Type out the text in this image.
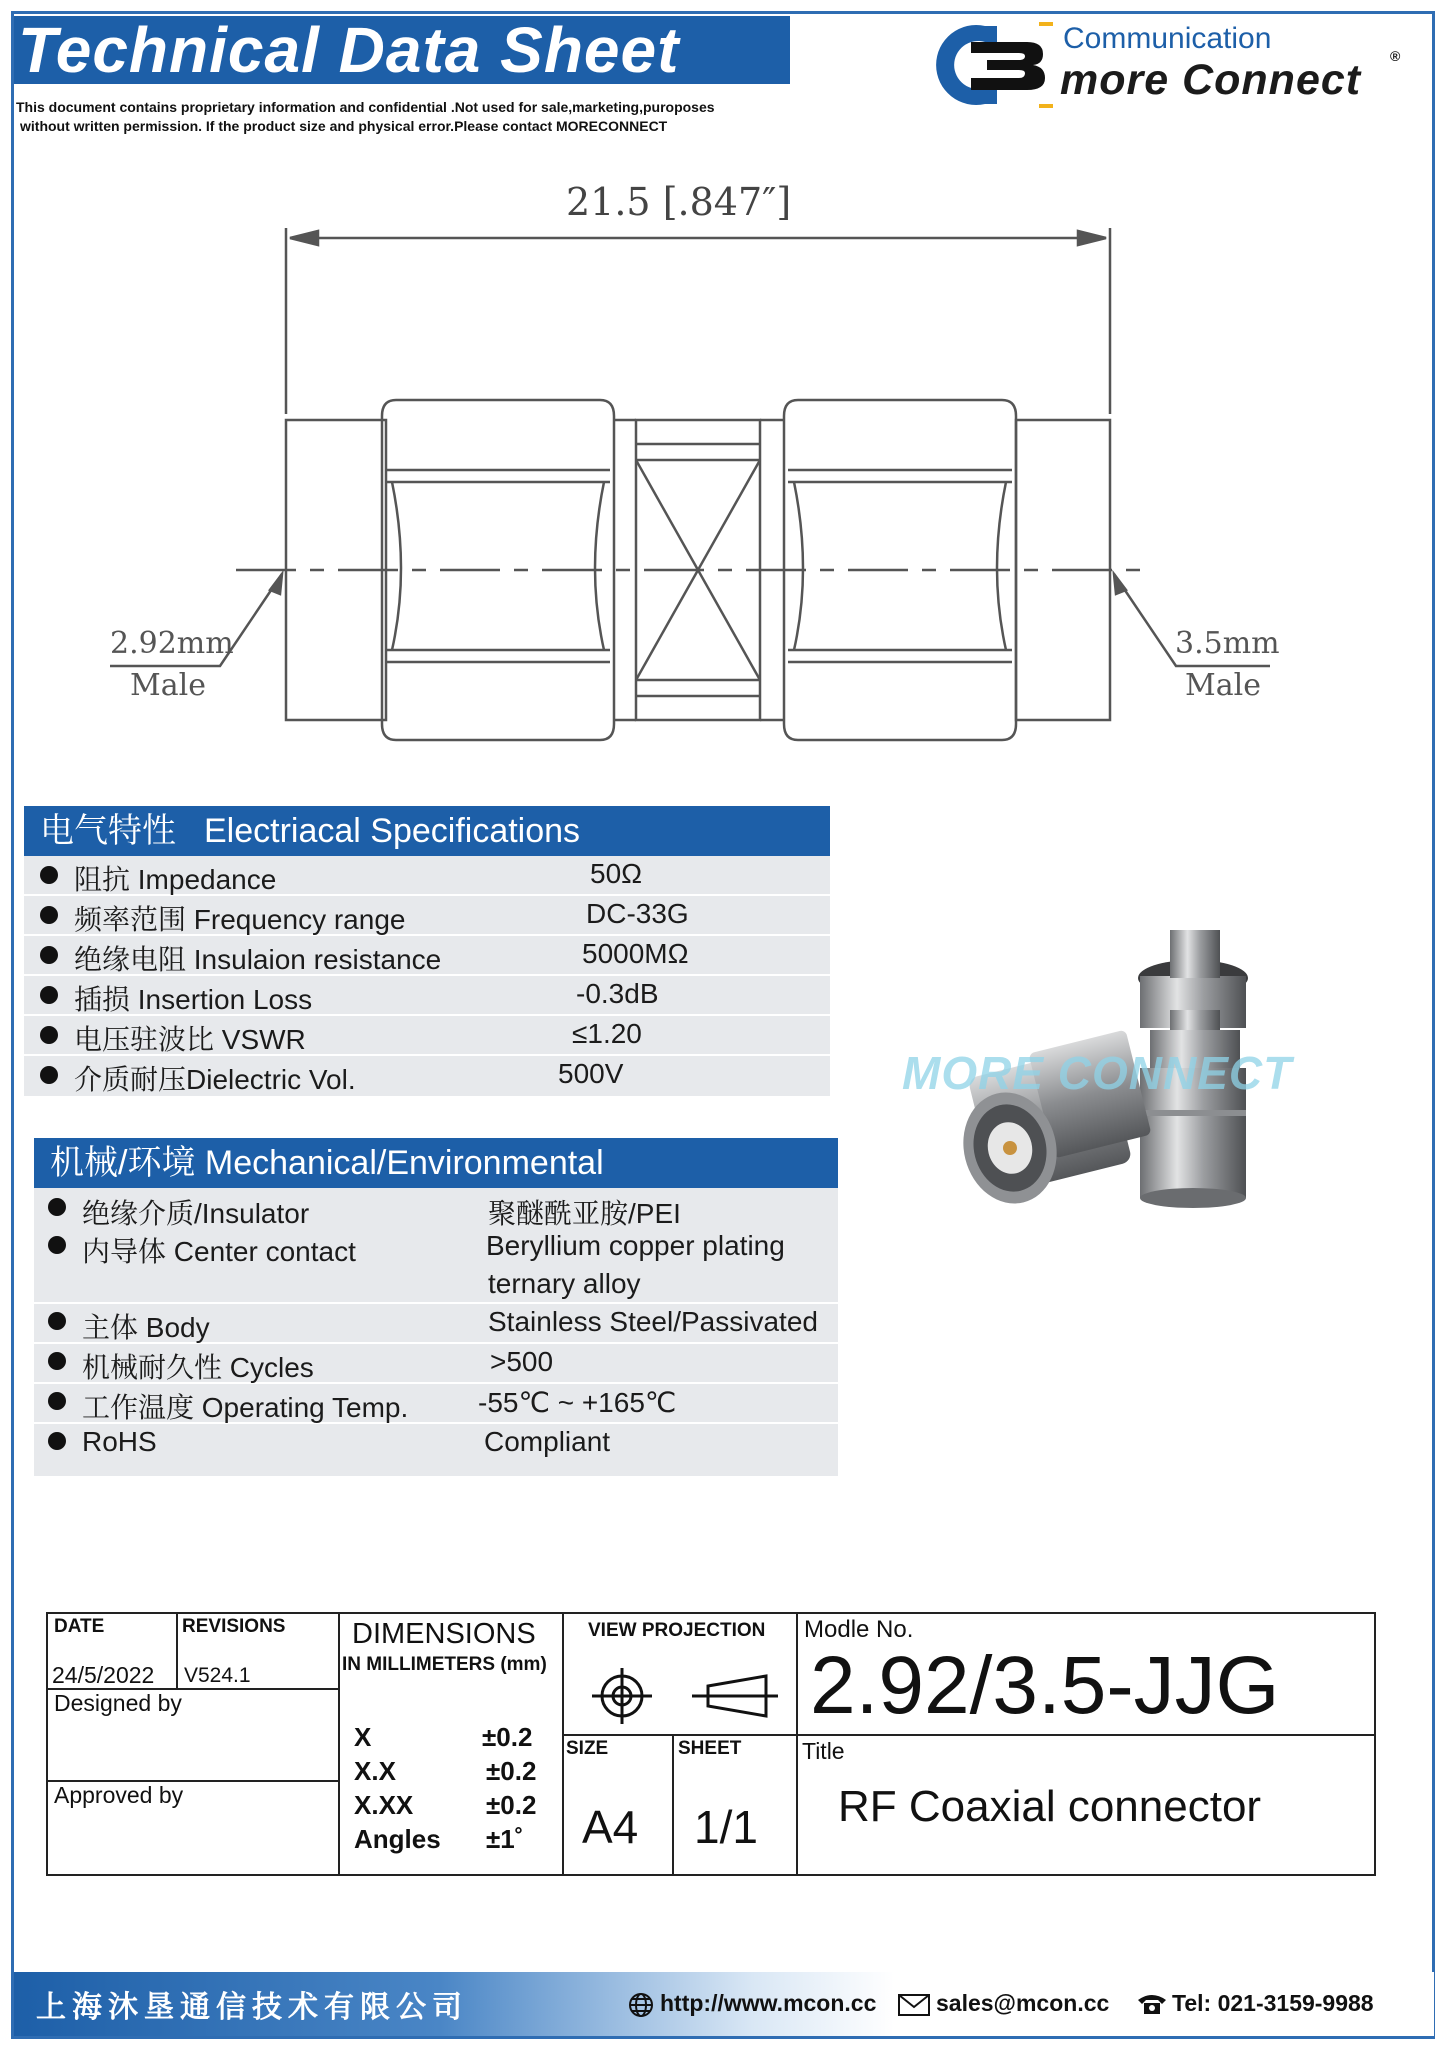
Technical Data Sheet
This document contains proprietary information and confidential .Not used for sale,marketing,puroposes
without written permission. If the product size and physical error.Please contact MORECONNECT
Communication
more Connect ®
21.5 [.847″]
2.92mm
Male
3.5mm
Male
电气特性 Electriacal Specifications
阻抗 Impedance	50Ω
频率范围 Frequency range	DC-33G
绝缘电阻 Insulaion resistance	5000MΩ
插损 Insertion Loss	-0.3dB
电压驻波比 VSWR	≤1.20
介质耐压Dielectric Vol.	500V
机械/环境 Mechanical/Environmental
绝缘介质/Insulator	聚醚酰亚胺/PEI
内导体 Center contact	Beryllium copper plating
ternary alloy
主体 Body	Stainless Steel/Passivated
机械耐久性 Cycles	>500
工作温度 Operating Temp. -55℃ ~ +165℃
RoHS	Compliant
MORE CONNECT
DATE
24/5/2022
REVISIONS
V524.1
Designed by
Approved by
DIMENSIONS
IN MILLIMETERS (mm)
X	±0.2
X.X	±0.2
X.XX	±0.2
Angles ±1˚
VIEW PROJECTION
SIZE
A4
SHEET
1/1
Modle No.
2.92/3.5-JJG
Title
RF Coaxial connector
上海沐垦通信技术有限公司	http://www.mcon.cc	sales@mcon.cc	Tel: 021-3159-9988
